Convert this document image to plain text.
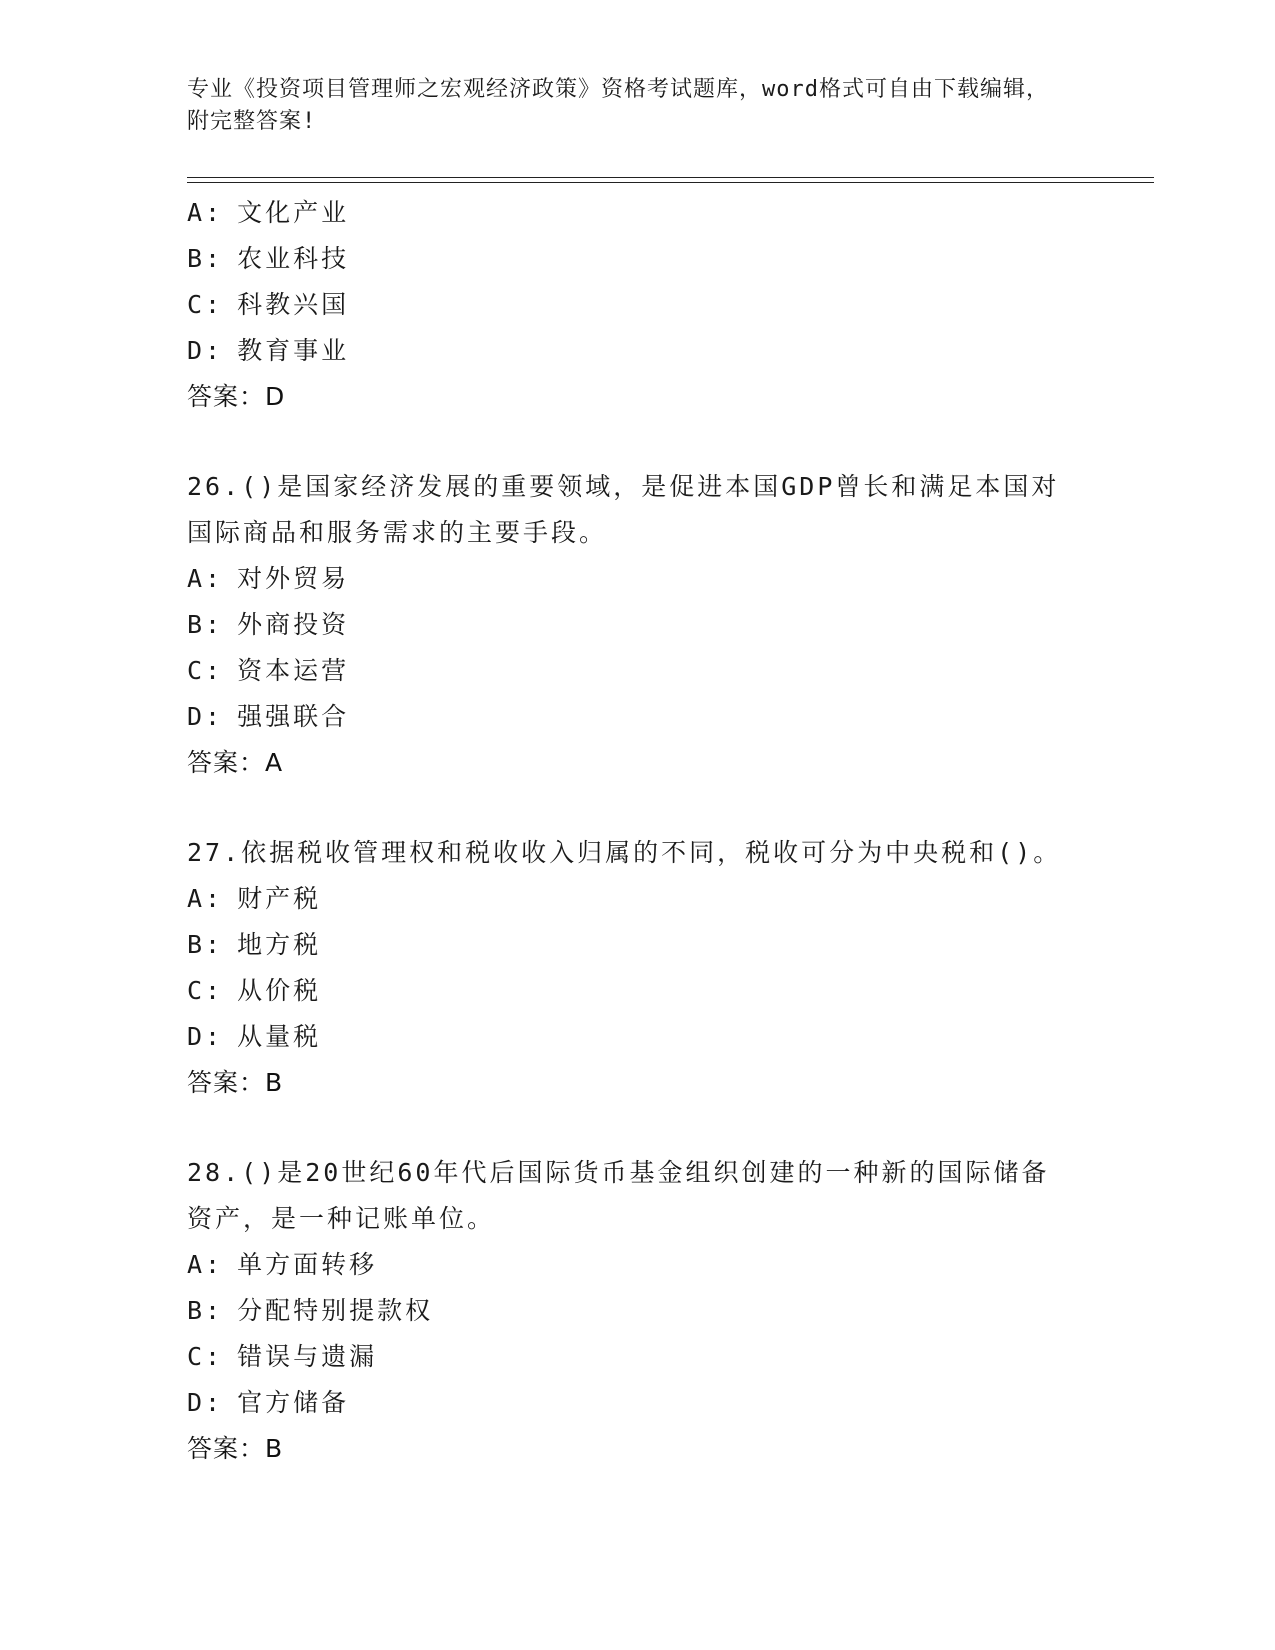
专业《投资项目管理师之宏观经济政策》资格考试题库，word格式可自由下载编辑，附完整答案!
A: 文化产业
B: 农业科技
C: 科教兴国
D: 教育事业
答案：D
26.()是国家经济发展的重要领域，是促进本国GDP曾长和满足本国对
国际商品和服务需求的主要手段。
A: 对外贸易
B: 外商投资
C: 资本运营
D: 强强联合
答案：A
27.依据税收管理权和税收收入归属的不同，税收可分为中央税和()。
A: 财产税
B: 地方税
C: 从价税
D: 从量税
答案：B
28.()是20世纪60年代后国际货币基金组织创建的一种新的国际储备
资产，是一种记账单位。
A: 单方面转移
B: 分配特别提款权
C: 错误与遗漏
D: 官方储备
答案：B
